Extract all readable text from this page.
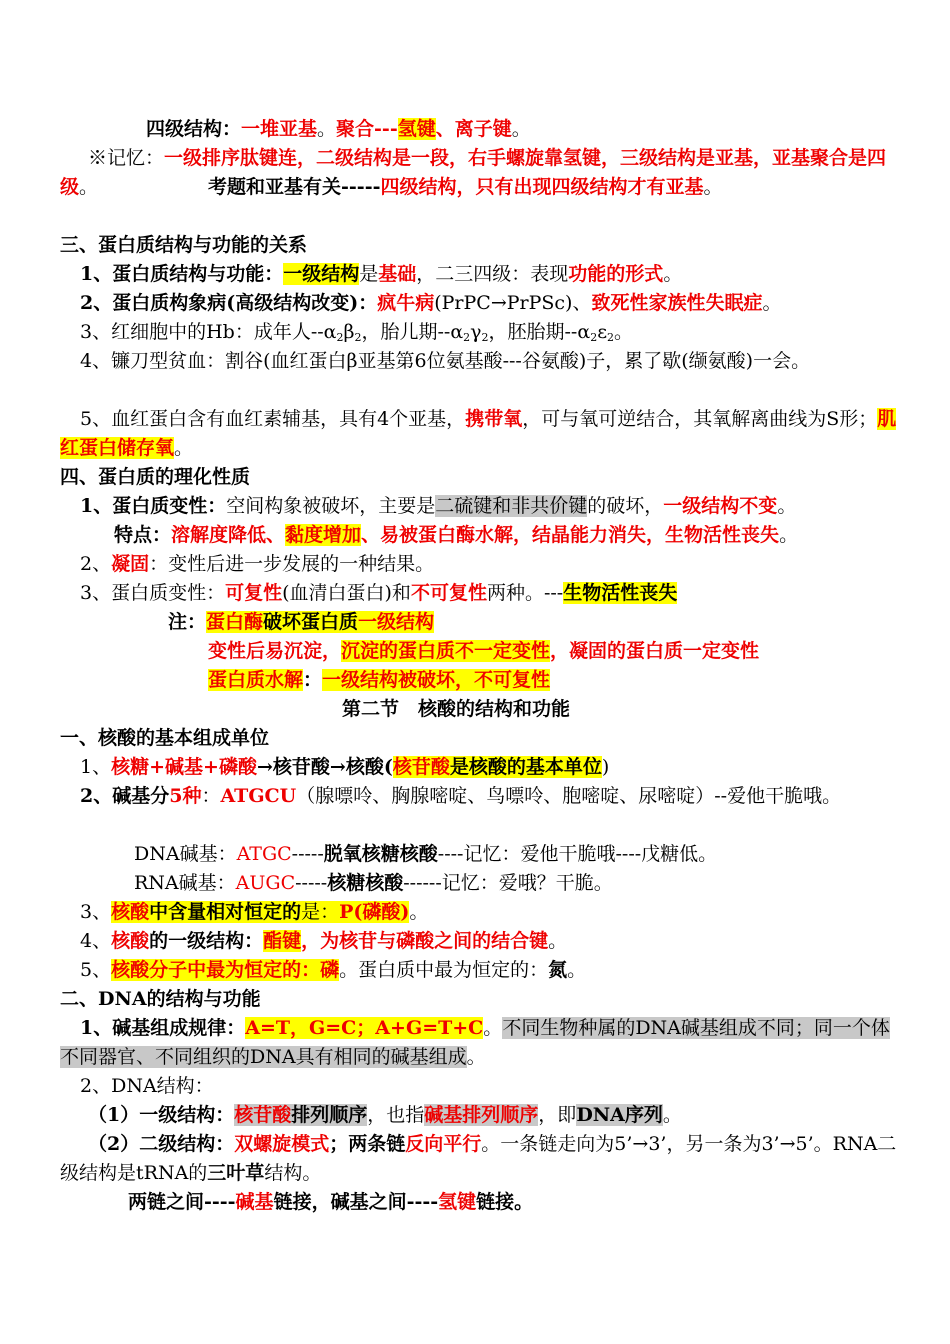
四级结构：一堆亚基。聚合---氢键、离子键。
※记忆：一级排序肽键连，二级结构是一段，右手螺旋靠氢键，三级结构是亚基，亚基聚合是四级。	考题和亚基有关-----四级结构，只有出现四级结构才有亚基。
三、蛋白质结构与功能的关系
1、蛋白质结构与功能：一级结构是基础，二三四级：表现功能的形式。
2、蛋白质构象病(高级结构改变)：疯牛病(PrPC→PrPSc)、致死性家族性失眠症。
3、红细胞中的Hb：成年人$--\alpha_2\beta_2$，胎儿期$--\alpha_2\gamma_2$，胚胎期$--\alpha_2\varepsilon_2$。
4、镰刀型贫血：割谷(血红蛋白β亚基第6位氨基酸---谷氨酸)子，累了歇(缬氨酸)一会。
5、血红蛋白含有血红素辅基，具有4个亚基，携带氧，可与氧可逆结合，其氧解离曲线为S形；肌红蛋白储存氧。
四、蛋白质的理化性质
1、蛋白质变性：空间构象被破坏，主要是二硫键和非共价键的破坏，一级结构不变。
特点：溶解度降低、黏度增加、易被蛋白酶水解，结晶能力消失，生物活性丧失。
2、凝固：变性后进一步发展的一种结果。
3、蛋白质变性：可复性(血清白蛋白)和不可复性两种。---生物活性丧失
注：蛋白酶破坏蛋白质一级结构
变性后易沉淀，沉淀的蛋白质不一定变性，凝固的蛋白质一定变性
蛋白质水解：一级结构被破坏，不可复性
第二节　核酸的结构和功能
一、核酸的基本组成单位
1、核糖+碱基+磷酸→核苷酸→核酸(核苷酸是核酸的基本单位)
2、碱基分5种：ATGCU（腺嘌呤、胸腺嘧啶、鸟嘌呤、胞嘧啶、尿嘧啶）--爱他干脆哦。
DNA碱基：ATGC-----脱氧核糖核酸----记忆：爱他干脆哦----戊糖低。
RNA碱基：AUGC-----核糖核酸------记忆：爱哦？干脆。
3、核酸中含量相对恒定的是：P(磷酸)。
4、核酸的一级结构：酯键，为核苷与磷酸之间的结合键。
5、核酸分子中最为恒定的：磷。蛋白质中最为恒定的：氮。
二、DNA的结构与功能
1、碱基组成规律：A=T，G=C；A+G=T+C。不同生物种属的DNA碱基组成不同；同一个体不同器官、不同组织的DNA具有相同的碱基组成。
2、DNA结构：
（1）一级结构：核苷酸排列顺序，也指碱基排列顺序，即DNA序列。
（2）二级结构：双螺旋模式；两条链反向平行。一条链走向为5’→3’，另一条为3’→5’。RNA二级结构是tRNA的三叶草结构。
两链之间----碱基链接，碱基之间----氢键链接。
